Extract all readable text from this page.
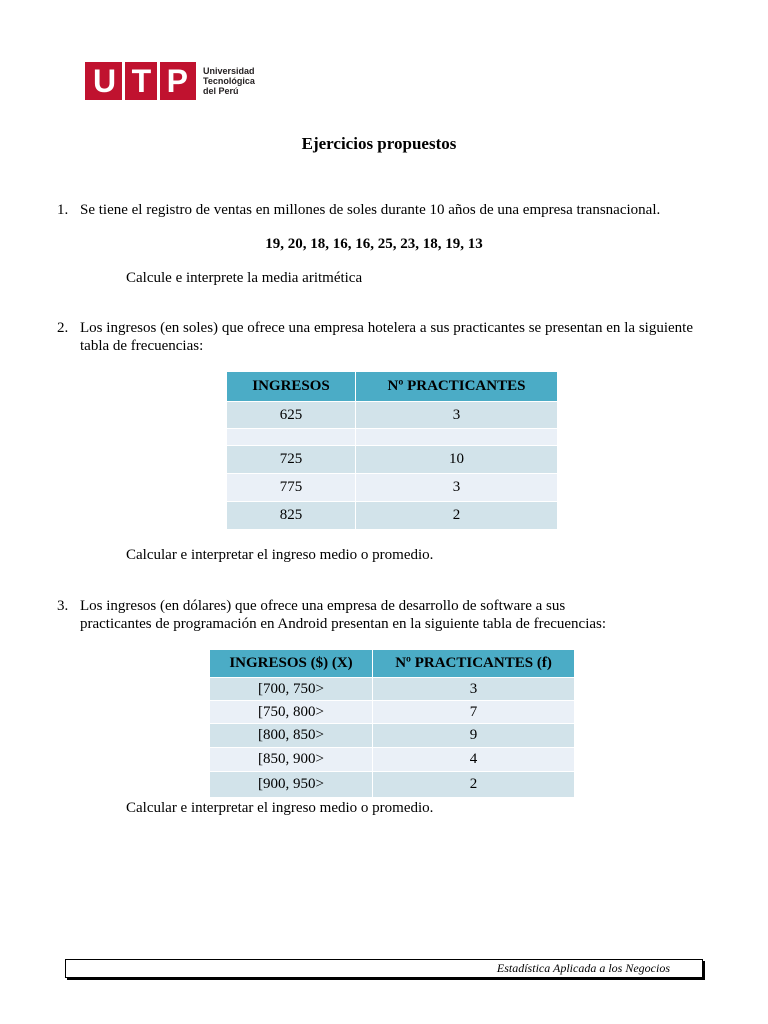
U T P Universidad
Tecnológica
del Perú
Ejercicios propuestos
1. Se tiene el registro de ventas en millones de soles durante 10 años de una empresa transnacional.
19, 20, 18, 16, 16, 25, 23, 18, 19, 13
Calcule e interprete la media aritmética
2. Los ingresos (en soles) que ofrece una empresa hotelera a sus practicantes se presentan en la siguiente tabla de frecuencias:
INGRESOS	Nº PRACTICANTES
625	3

725	10
775	3
825	2
Calcular e interpretar el ingreso medio o promedio.
3. Los ingresos (en dólares) que ofrece una empresa de desarrollo de software a sus
practicantes de programación en Android presentan en la siguiente tabla de frecuencias:
INGRESOS ($) (X)	Nº PRACTICANTES (f)
[700, 750>	3
[750, 800>	7
[800, 850>	9
[850, 900>	4
[900, 950>	2
Calcular e interpretar el ingreso medio o promedio.
Estadística Aplicada a los Negocios
